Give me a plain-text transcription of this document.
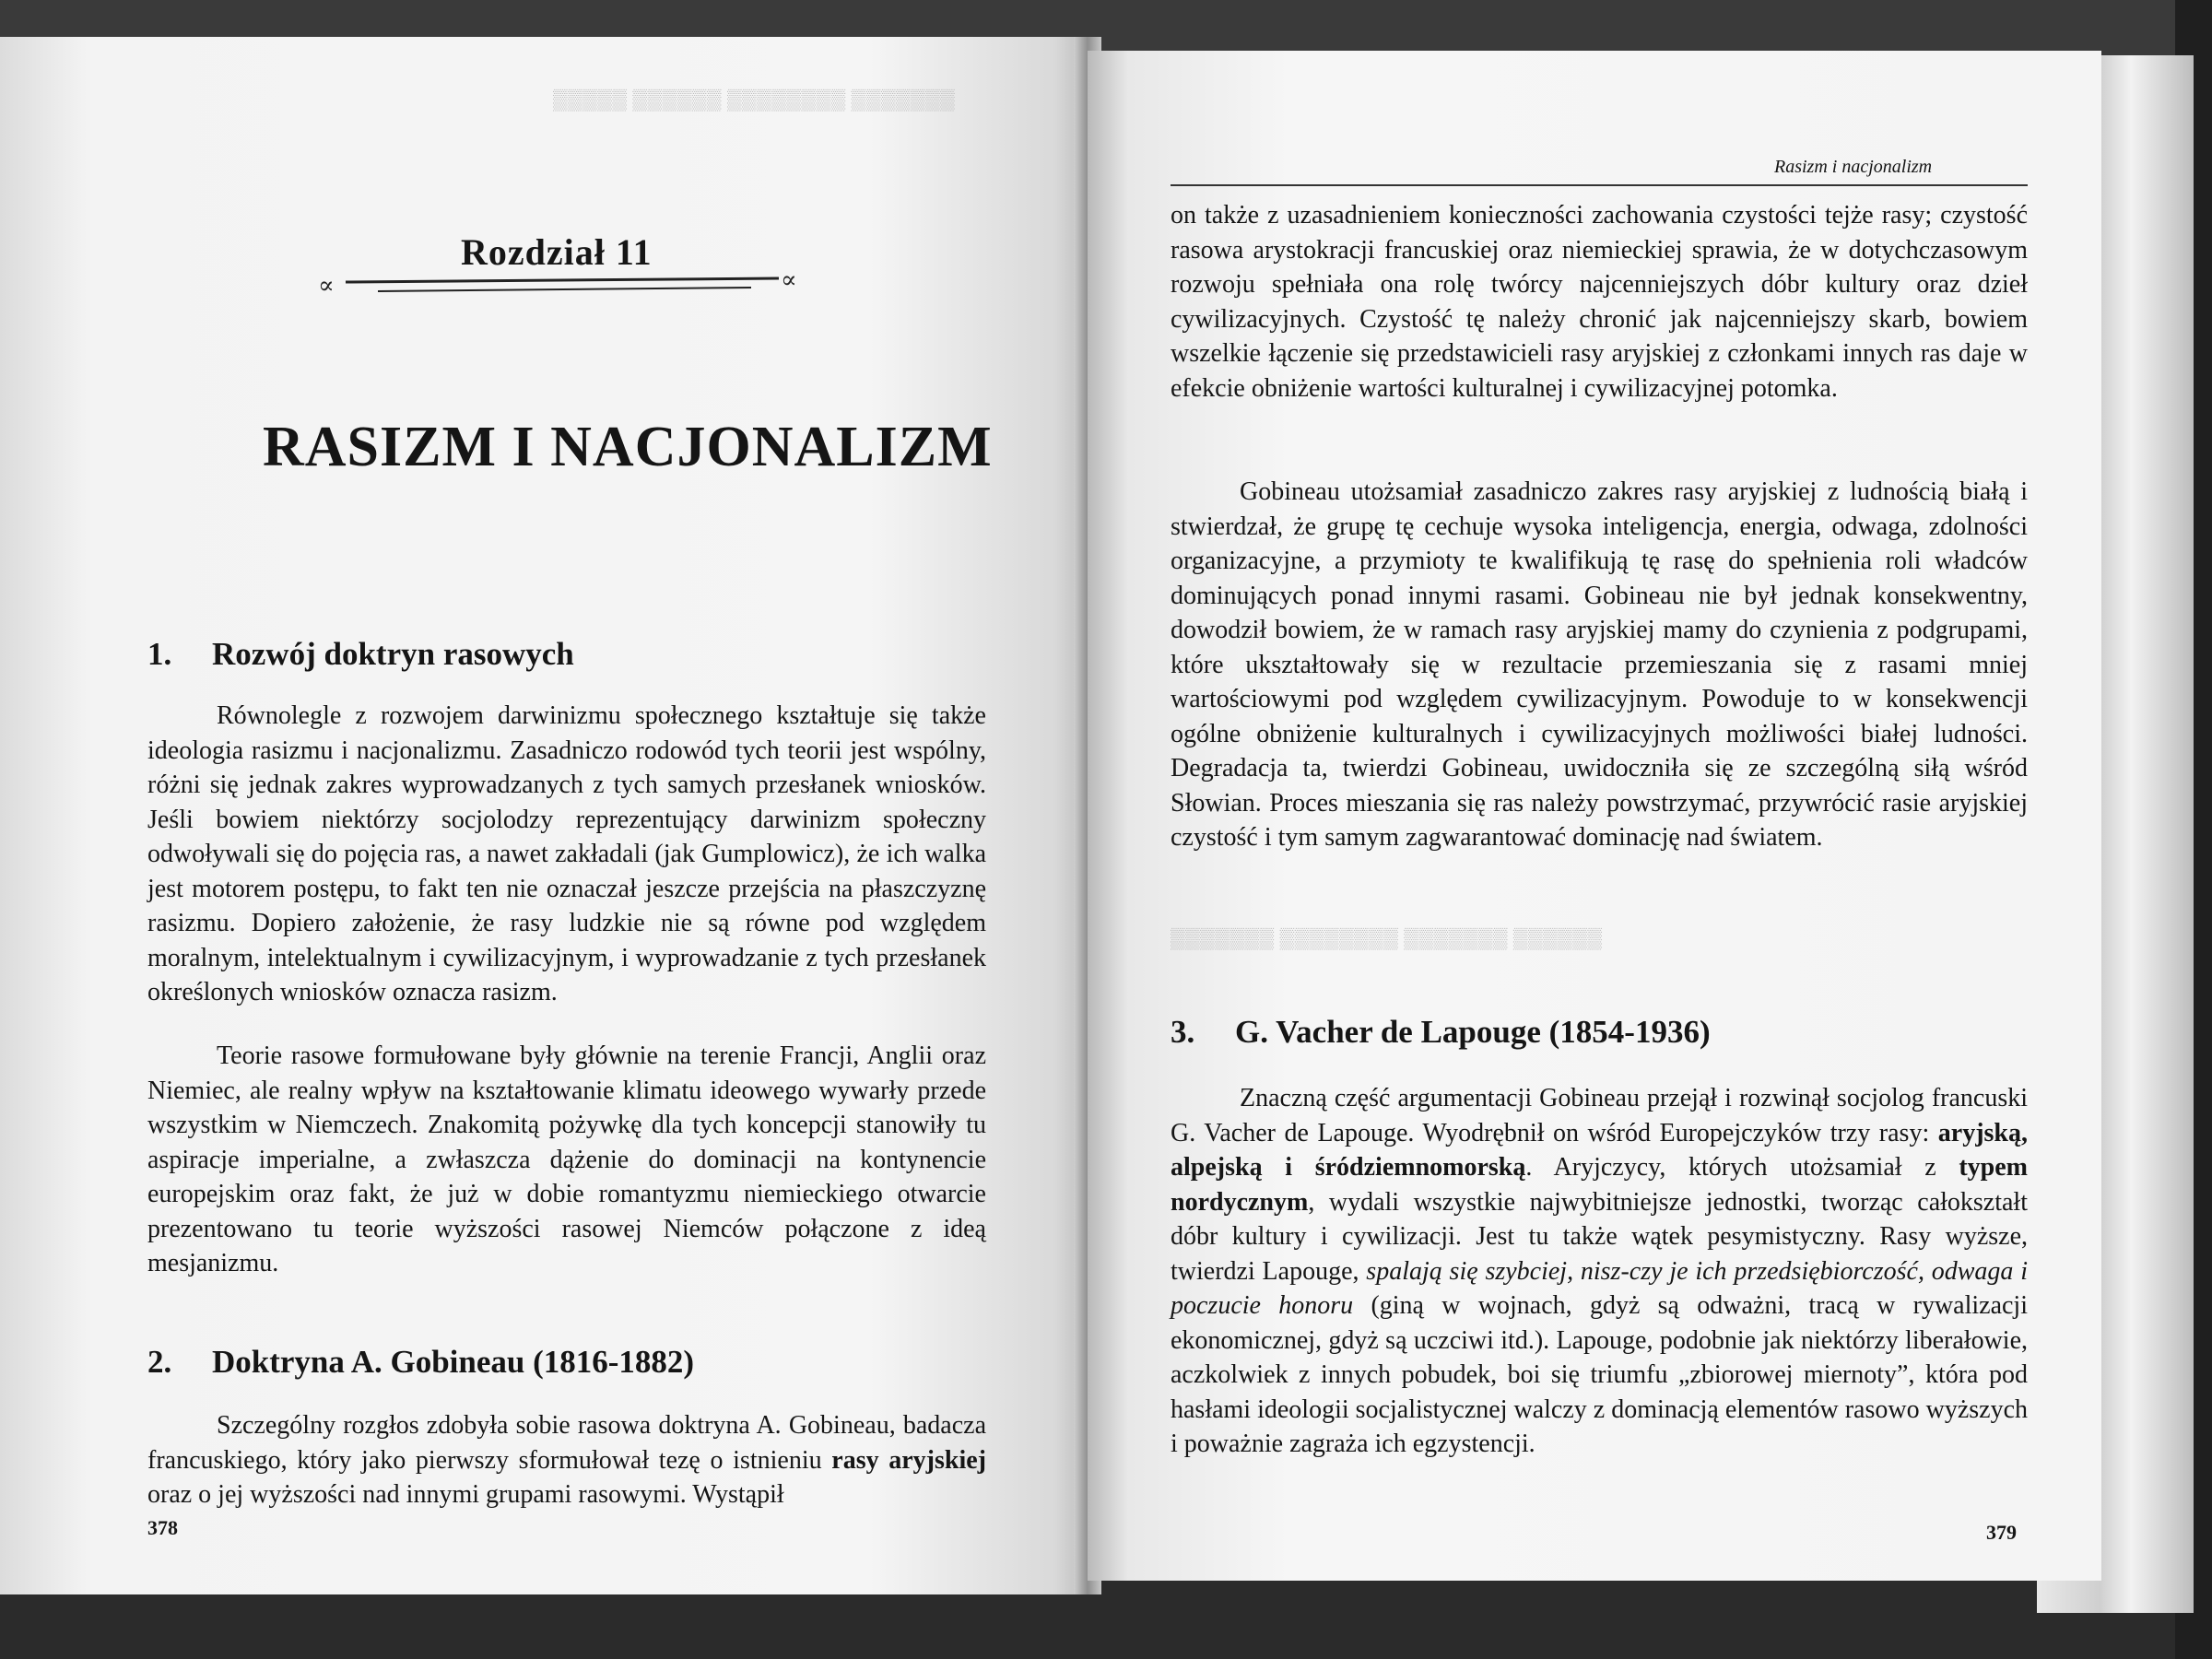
▒▒▒▒▒ ▒▒▒▒▒▒ ▒▒▒▒▒▒▒▒ ▒▒▒▒▒▒▒
Rozdział 11
∝	∝
RASIZM I NACJONALIZM
1. Rozwój doktryn rasowych
Równolegle z rozwojem darwinizmu społecznego kształtuje się także ideologia rasizmu i nacjonalizmu. Zasadniczo rodowód tych teorii jest wspólny, różni się jednak zakres wyprowadzanych z tych samych przesłanek wniosków. Jeśli bowiem niektórzy socjolodzy reprezentujący darwinizm społeczny odwoływali się do pojęcia ras, a nawet zakładali (jak Gumplowicz), że ich walka jest motorem postępu, to fakt ten nie oznaczał jeszcze przejścia na płaszczyznę rasizmu. Dopiero założenie, że rasy ludzkie nie są równe pod względem moralnym, intelektualnym i cywilizacyjnym, i wyprowadzanie z tych przesłanek określonych wniosków oznacza rasizm.
Teorie rasowe formułowane były głównie na terenie Francji, Anglii oraz Niemiec, ale realny wpływ na kształtowanie klimatu ideowego wywarły przede wszystkim w Niemczech. Znakomitą pożywkę dla tych koncepcji stanowiły tu aspiracje imperialne, a zwłaszcza dążenie do dominacji na kontynencie europejskim oraz fakt, że już w dobie romantyzmu niemieckiego otwarcie prezentowano tu teorie wyższości rasowej Niemców połączone z ideą mesjanizmu.
2. Doktryna A. Gobineau (1816-1882)
Szczególny rozgłos zdobyła sobie rasowa doktryna A. Gobineau, badacza francuskiego, który jako pierwszy sformułował tezę o istnieniu rasy aryjskiej oraz o jej wyższości nad innymi grupami rasowymi. Wystąpił
378
Rasizm i nacjonalizm
on także z uzasadnieniem konieczności zachowania czystości tejże rasy; czystość rasowa arystokracji francuskiej oraz niemieckiej sprawia, że w dotychczasowym rozwoju spełniała ona rolę twórcy najcenniejszych dóbr kultury oraz dzieł cywilizacyjnych. Czystość tę należy chronić jak najcenniejszy skarb, bowiem wszelkie łączenie się przedstawicieli rasy aryjskiej z członkami innych ras daje w efekcie obniżenie wartości kulturalnej i cywilizacyjnej potomka.
Gobineau utożsamiał zasadniczo zakres rasy aryjskiej z ludnością białą i stwierdzał, że grupę tę cechuje wysoka inteligencja, energia, odwaga, zdolności organizacyjne, a przymioty te kwalifikują tę rasę do spełnienia roli władców dominujących ponad innymi rasami. Gobineau nie był jednak konsekwentny, dowodził bowiem, że w ramach rasy aryjskiej mamy do czynienia z podgrupami, które ukształtowały się w rezultacie przemieszania się z rasami mniej wartościowymi pod względem cywilizacyjnym. Powoduje to w konsekwencji ogólne obniżenie kulturalnych i cywilizacyjnych możliwości białej ludności. Degradacja ta, twierdzi Gobineau, uwidoczniła się ze szczególną siłą wśród Słowian. Proces mieszania się ras należy powstrzymać, przywrócić rasie aryjskiej czystość i tym samym zagwarantować dominację nad światem.
▒▒▒▒▒▒▒ ▒▒▒▒▒▒▒▒ ▒▒▒▒▒▒▒ ▒▒▒▒▒▒
3. G. Vacher de Lapouge (1854-1936)
Znaczną część argumentacji Gobineau przejął i rozwinął socjolog francuski G. Vacher de Lapouge. Wyodrębnił on wśród Europejczyków trzy rasy: aryjską, alpejską i śródziemnomorską. Aryjczycy, których utożsamiał z typem nordycznym, wydali wszystkie najwybitniejsze jednostki, tworząc całokształt dóbr kultury i cywilizacji. Jest tu także wątek pesymistyczny. Rasy wyższe, twierdzi Lapouge, spalają się szybciej, nisz-czy je ich przedsiębiorczość, odwaga i poczucie honoru (giną w wojnach, gdyż są odważni, tracą w rywalizacji ekonomicznej, gdyż są uczciwi itd.). Lapouge, podobnie jak niektórzy liberałowie, aczkolwiek z innych pobudek, boi się triumfu „zbiorowej miernoty”, która pod hasłami ideologii socjalistycznej walczy z dominacją elementów rasowo wyższych i poważnie zagraża ich egzystencji.
379
